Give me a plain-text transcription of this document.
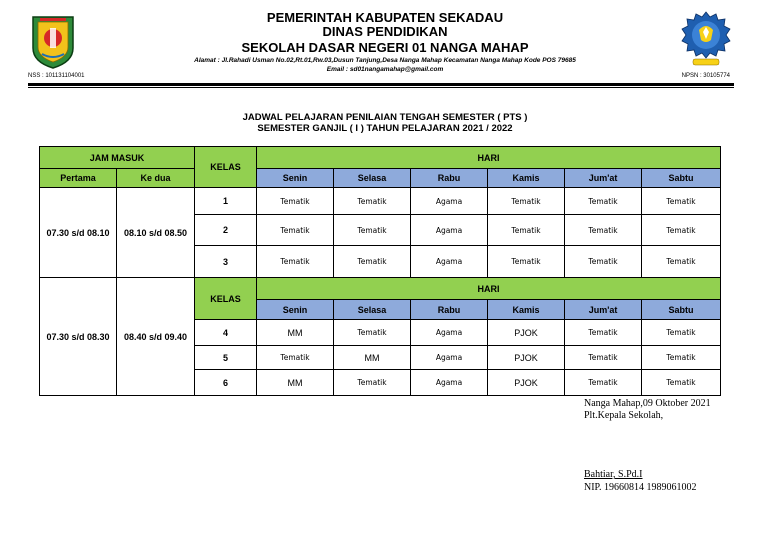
PEMERINTAH KABUPATEN SEKADAU
DINAS PENDIDIKAN
SEKOLAH DASAR NEGERI 01 NANGA MAHAP
Alamat : Jl.Rahadi Usman No.02,Rt.01,Rw.03,Dusun Tanjung,Desa Nanga Mahap Kecamatan Nanga Mahap Kode POS 79685
Email : sd01nangamahap@gmail.com
NSS : 101131104001	NPSN : 30105774
JADWAL PELAJARAN PENILAIAN TENGAH SEMESTER ( PTS )
SEMESTER GANJIL ( I ) TAHUN PELAJARAN 2021 / 2022
JAM MASUK		KELAS	HARI					
Pertama	Ke dua		Senin	Selasa	Rabu	Kamis	Jum'at	Sabtu
07.30 s/d 08.10	08.10 s/d 08.50	1	Tematik	Tematik	Agama	Tematik	Tematik	Tematik
		2	Tematik	Tematik	Agama	Tematik	Tematik	Tematik
		3	Tematik	Tematik	Agama	Tematik	Tematik	Tematik
07.30 s/d 08.30	08.40 s/d 09.40	KELAS	HARI					
			Senin	Selasa	Rabu	Kamis	Jum'at	Sabtu
		4	MM	Tematik	Agama	PJOK	Tematik	Tematik
		5	Tematik	MM	Agama	PJOK	Tematik	Tematik
		6	MM	Tematik	Agama	PJOK	Tematik	Tematik
Nanga Mahap,09 Oktober 2021
Plt.Kepala Sekolah,
Bahtiar, S.Pd.I
NIP. 19660814 1989061002
